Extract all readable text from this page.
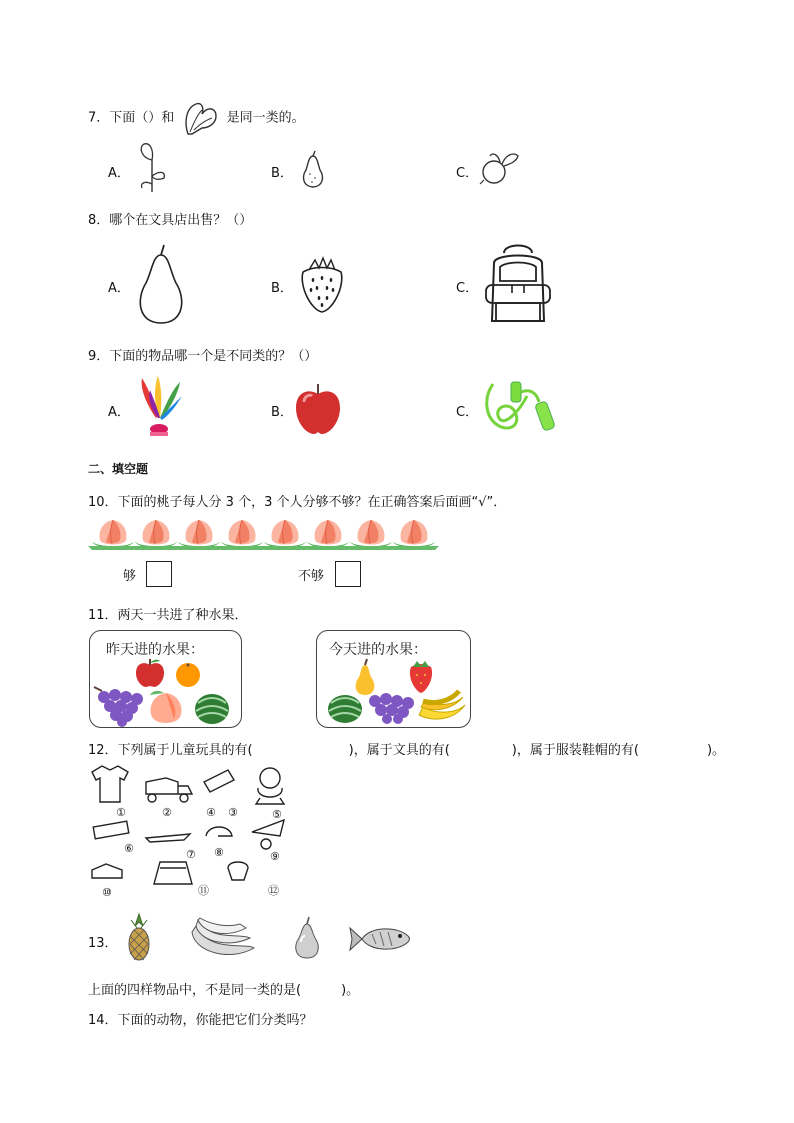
7．下面（）和	是同一类的。
A．	B．	C．
8．哪个在文具店出售？（）
A．	B．	C．
9．下面的物品哪一个是不同类的？（）
A．	B．	C．
二、填空题
10．下面的桃子每人分 3 个，3 个人分够不够？在正确答案后面画“√”．
够	不够
11．两天一共进了种水果．
昨天进的水果：	今天进的水果：
12．下列属于儿童玩具的有(	)，属于文具的有(	)，属于服装鞋帽的有(	)。
①	②	③
④	⑤
⑥	⑦ ⑧	⑨
⑩	⑪	⑫
13．
上面的四样物品中，不是同一类的是(	)。
14．下面的动物，你能把它们分类吗？
